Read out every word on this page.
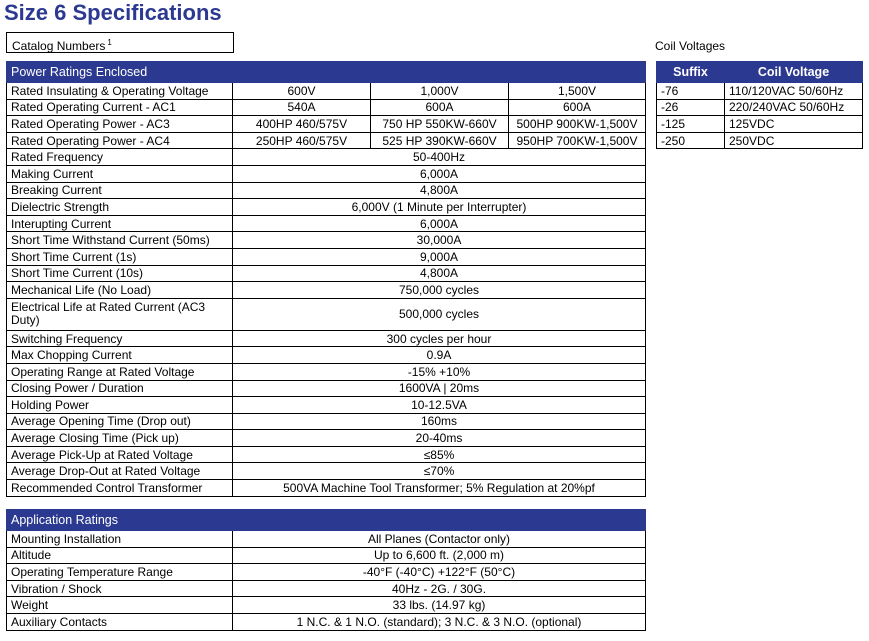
Size 6 Specifications
Catalog Numbers $^1$
Power Ratings Enclosed			
Rated Insulating & Operating Voltage	600V	1,000V	1,500V
Rated Operating Current - AC1	540A	600A	600A
Rated Operating Power - AC3	400HP 460/575V	750 HP 550KW-660V	500HP 900KW-1,500V
Rated Operating Power - AC4	250HP 460/575V	525 HP 390KW-660V	950HP 700KW-1,500V
Rated Frequency	50-400Hz		
Making Current	6,000A		
Breaking Current	4,800A		
Dielectric Strength	6,000V (1 Minute per Interrupter)		
Interupting Current	6,000A		
Short Time Withstand Current (50ms)	30,000A		
Short Time Current (1s)	9,000A		
Short Time Current (10s)	4,800A		
Mechanical Life (No Load)	750,000 cycles		
Electrical Life at Rated Current (AC3 Duty)	500,000 cycles		
Switching Frequency	300 cycles per hour		
Max Chopping Current	0.9A		
Operating Range at Rated Voltage	-15% +10%		
Closing Power / Duration	1600VA | 20ms		
Holding Power	10-12.5VA		
Average Opening Time (Drop out)	160ms		
Average Closing Time (Pick up)	20-40ms		
Average Pick-Up at Rated Voltage	≤85%		
Average Drop-Out at Rated Voltage	≤70%		
Recommended Control Transformer	500VA Machine Tool Transformer; 5% Regulation at 20%pf		
Application Ratings	
Mounting Installation	All Planes (Contactor only)
Altitude	Up to 6,600 ft. (2,000 m)
Operating Temperature Range	-40°F (-40°C) +122°F (50°C)
Vibration / Shock	40Hz - 2G. / 30G.
Weight	33 lbs. (14.97 kg)
Auxiliary Contacts	1 N.C. & 1 N.O. (standard); 3 N.C. & 3 N.O. (optional)
Coil Voltages
Suffix	Coil Voltage
-76	110/120VAC 50/60Hz
-26	220/240VAC 50/60Hz
-125	125VDC
-250	250VDC
